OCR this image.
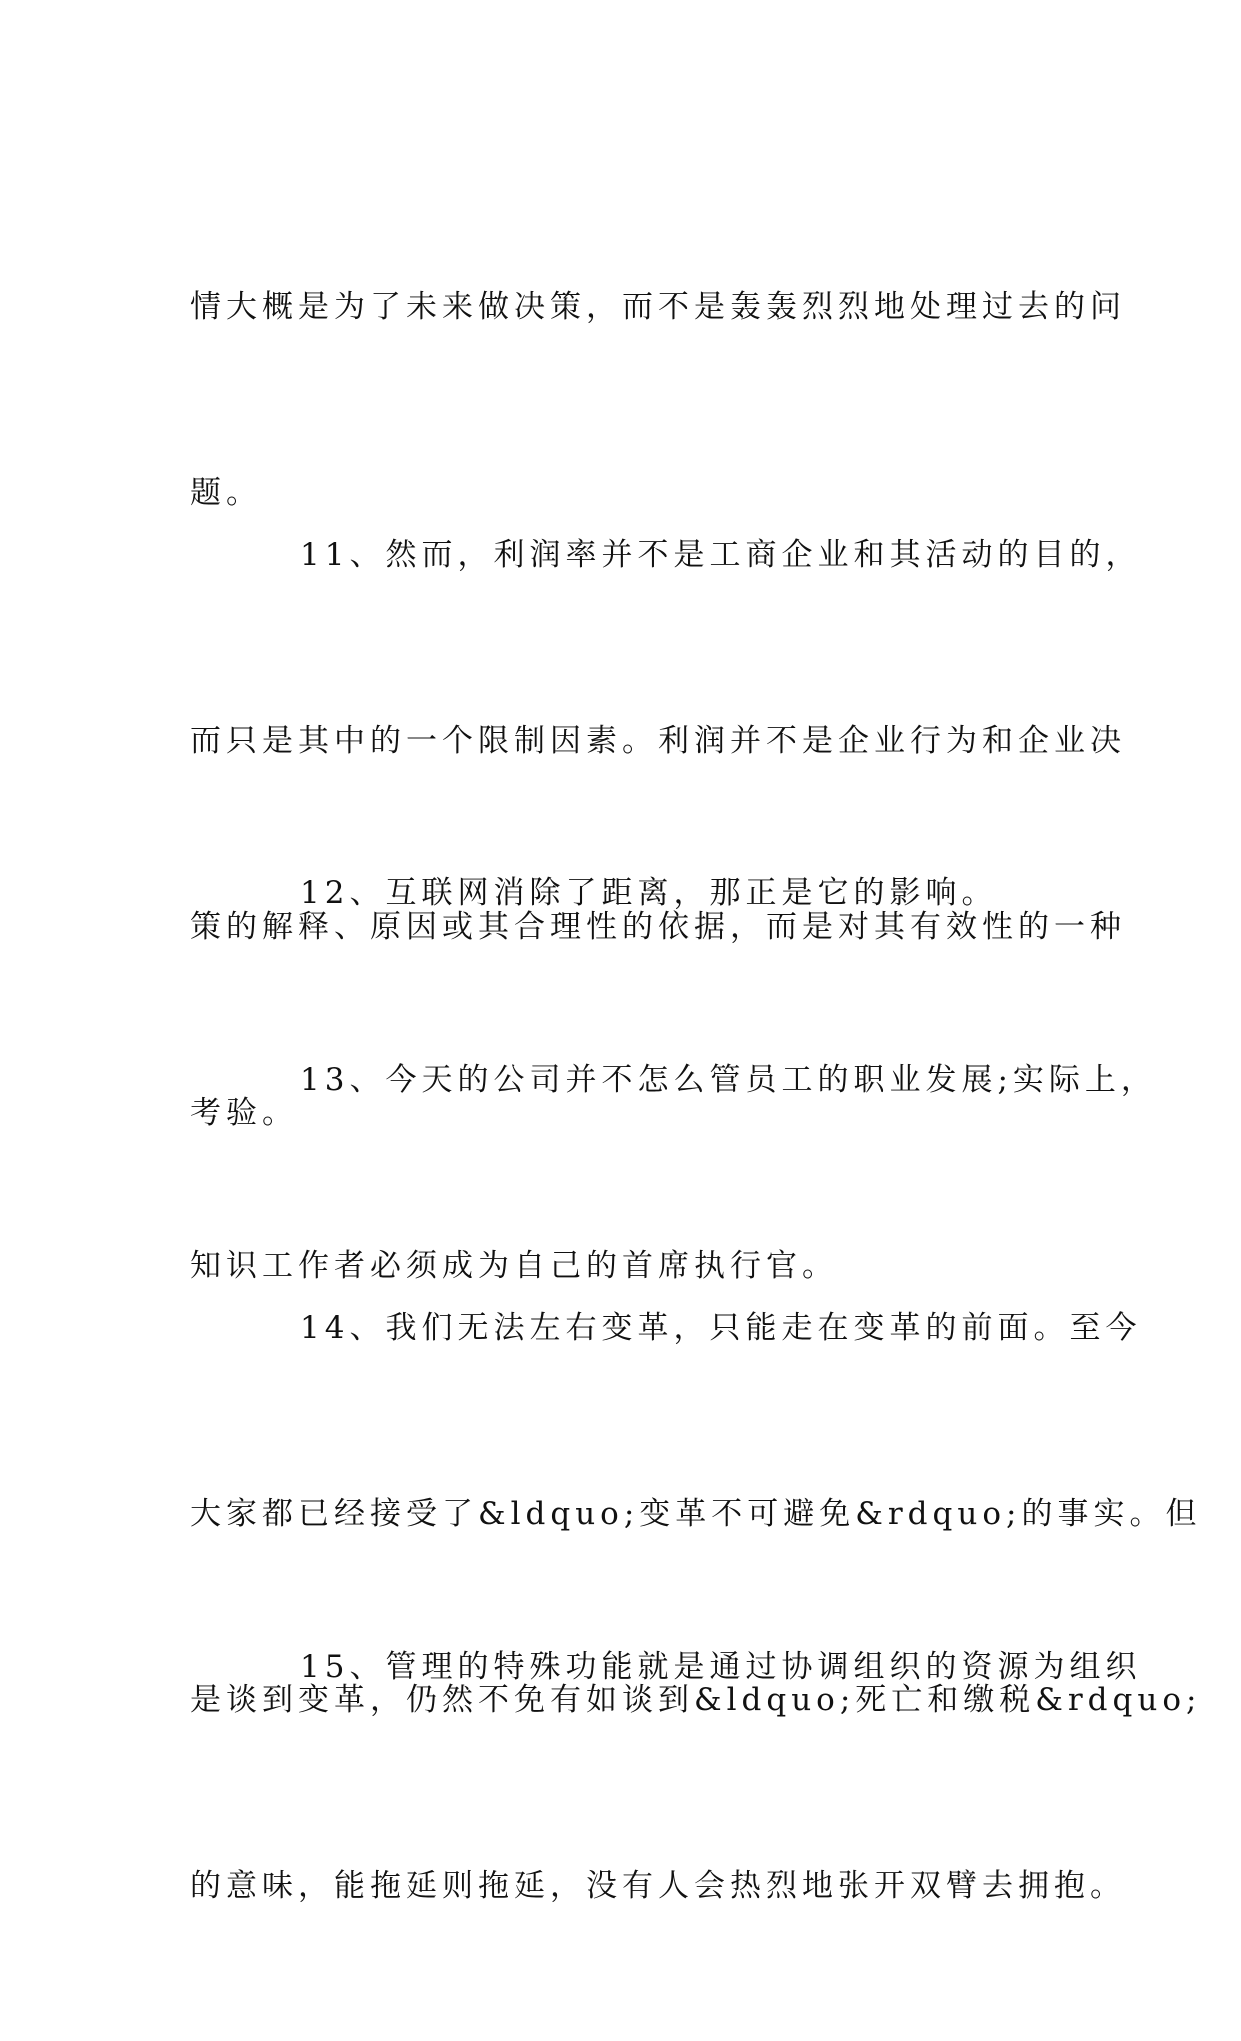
情大概是为了未来做决策，而不是轰轰烈烈地处理过去的问

题。

11、然而，利润率并不是工商企业和其活动的目的，

而只是其中的一个限制因素。利润并不是企业行为和企业决

策的解释、原因或其合理性的依据，而是对其有效性的一种

考验。

12、互联网消除了距离，那正是它的影响。

13、今天的公司并不怎么管员工的职业发展;实际上，

知识工作者必须成为自己的首席执行官。

14、我们无法左右变革，只能走在变革的前面。至今

大家都已经接受了&ldquo;变革不可避免&rdquo;的事实。但

是谈到变革，仍然不免有如谈到&ldquo;死亡和缴税&rdquo;

的意味，能拖延则拖延，没有人会热烈地张开双臂去拥抱。

15、管理的特殊功能就是通过协调组织的资源为组织
